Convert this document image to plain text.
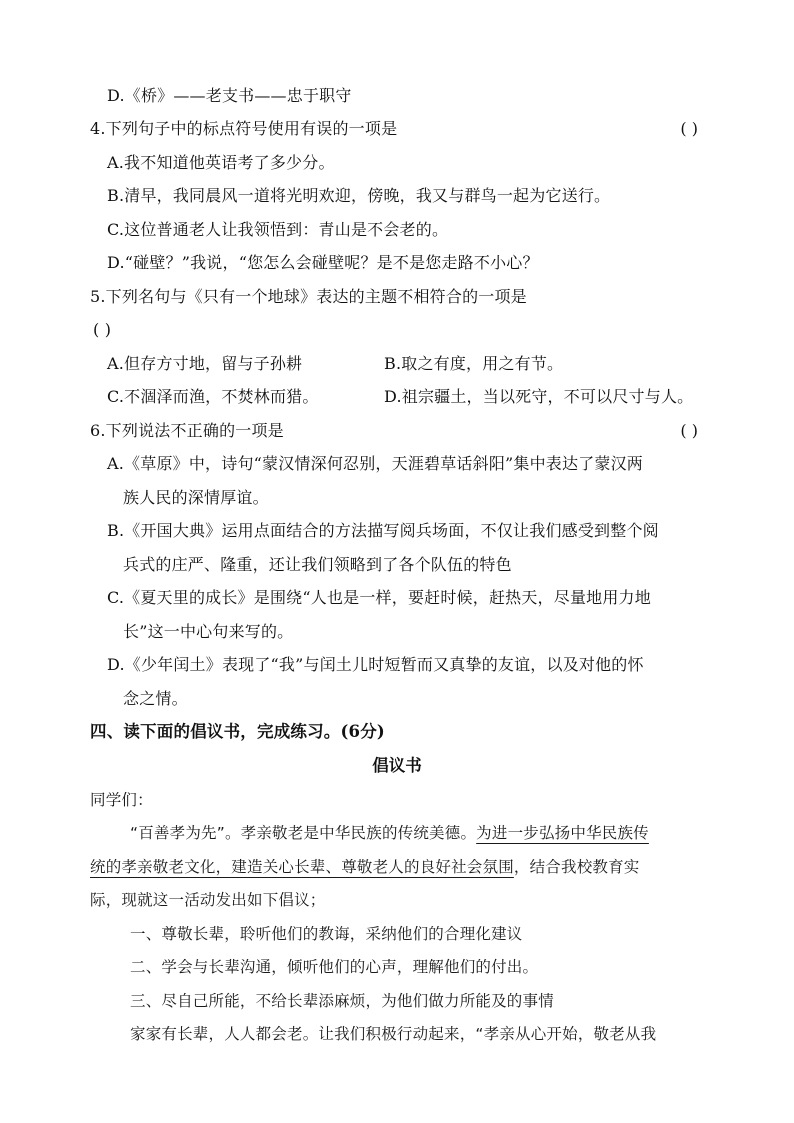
D.《桥》——老支书——忠于职守
4.下列句子中的标点符号使用有误的一项是	( )
A.我不知道他英语考了多少分。
B.清早，我同晨风一道将光明欢迎，傍晚，我又与群鸟一起为它送行。
C.这位普通老人让我领悟到：青山是不会老的。
D.“碰壁？”我说，“您怎么会碰壁呢？是不是您走路不小心？
5.下列名句与《只有一个地球》表达的主题不相符合的一项是
( )
A.但存方寸地，留与子孙耕	B.取之有度，用之有节。
C.不涸泽而渔，不焚林而猎。	D.祖宗疆土，当以死守，不可以尺寸与人。
6.下列说法不正确的一项是	( )
A.《草原》中，诗句“蒙汉情深何忍别，天涯碧草话斜阳”集中表达了蒙汉两
族人民的深情厚谊。
B.《开国大典》运用点面结合的方法描写阅兵场面，不仅让我们感受到整个阅
兵式的庄严、隆重，还让我们领略到了各个队伍的特色
C.《夏天里的成长》是围绕“人也是一样，要赶时候，赶热天，尽量地用力地
长”这一中心句来写的。
D.《少年闰土》表现了“我”与闰土儿时短暂而又真挚的友谊，以及对他的怀
念之情。
四、读下面的倡议书，完成练习。(6分)
倡议书
同学们：
“百善孝为先”。孝亲敬老是中华民族的传统美德。为进一步弘扬中华民族传
统的孝亲敬老文化，建造关心长辈、尊敬老人的良好社会氛围，结合我校教育实
际，现就这一活动发出如下倡议；
一、尊敬长辈，聆听他们的教诲，采纳他们的合理化建议
二、学会与长辈沟通，倾听他们的心声，理解他们的付出。
三、尽自己所能，不给长辈添麻烦，为他们做力所能及的事情
家家有长辈，人人都会老。让我们积极行动起来，“孝亲从心开始，敬老从我
